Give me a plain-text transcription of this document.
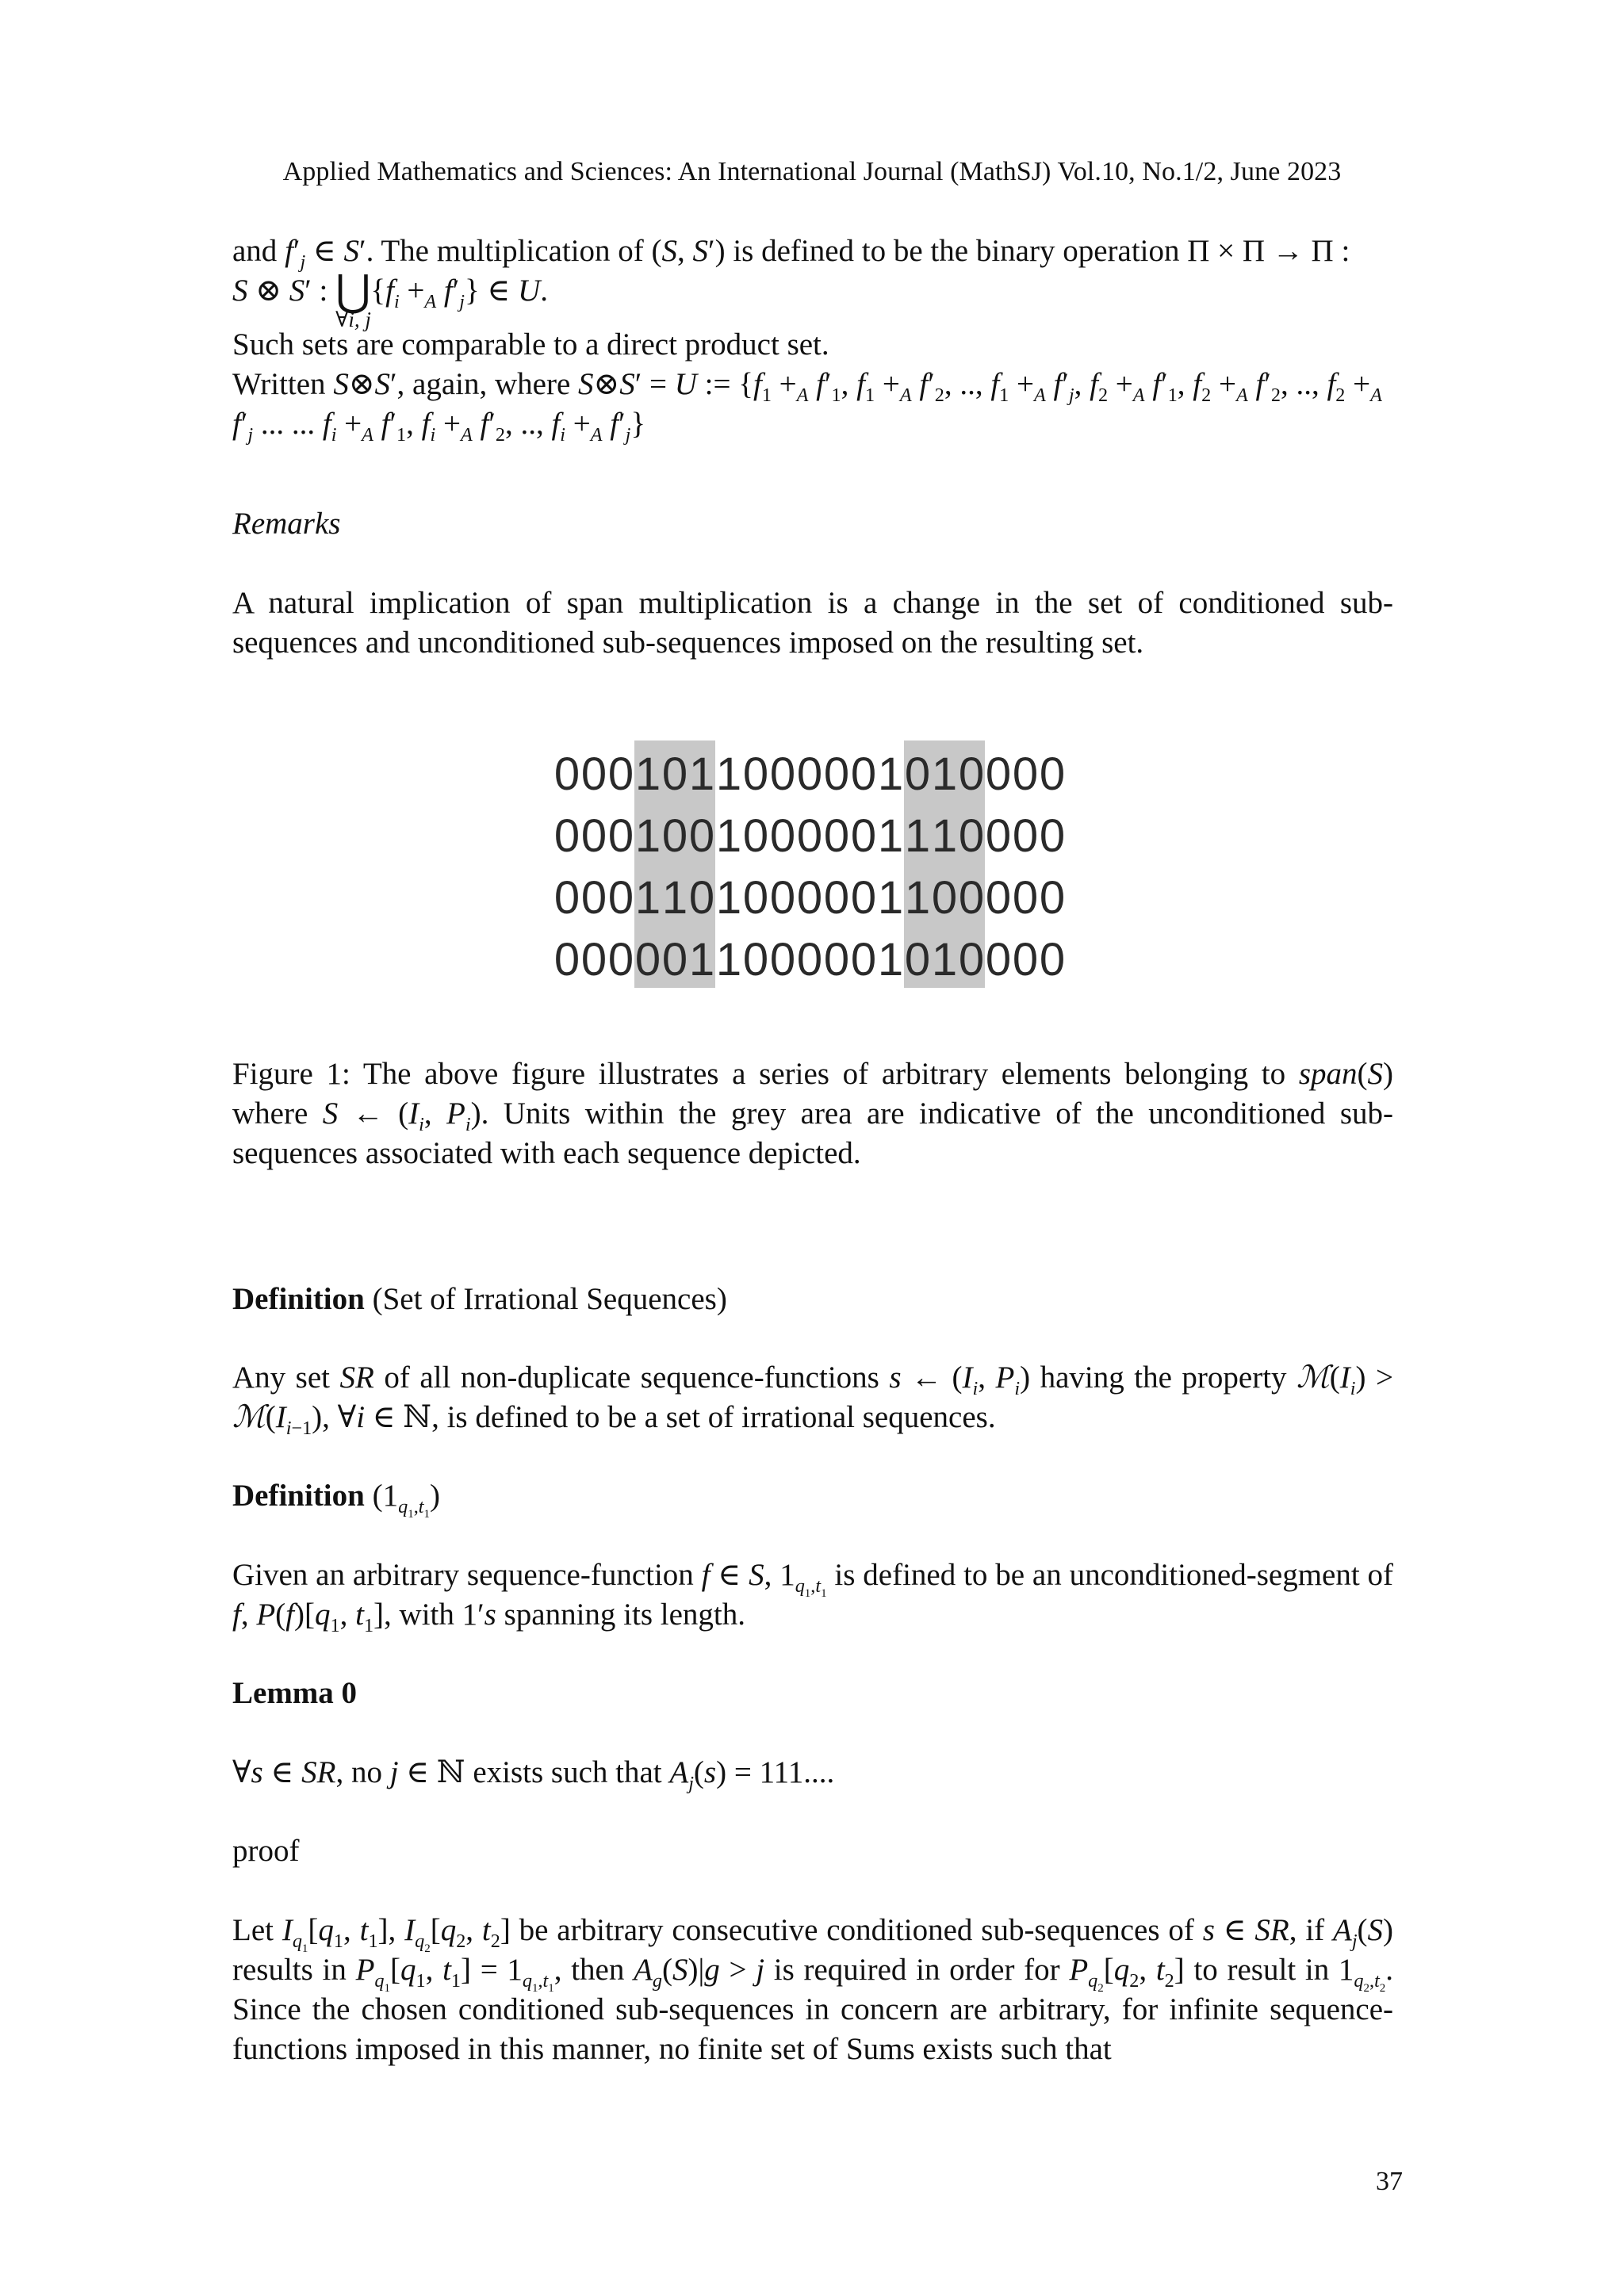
Applied Mathematics and Sciences: An International Journal (MathSJ) Vol.10, No.1/2, June 2023
and $f'_j$ ∈ S′. The multiplication of (S, S′) is defined to be the binary operation Π × Π → Π :
S ⊗ S′ : ⋃
∀i, j
{$f_i +_A$ $f'_j$} ∈ U.

Such sets are comparable to a direct product set.
Written S⊗S′, again, where S⊗S′ = U := {$f_1 +_A$ $f'_1$, $f_1 +_A$ $f'_2$, .., $f_1 +_A$ $f'_j$, $f_2 +_A$ $f'_1$, $f_2 +_A$ $f'_2$, .., $f_2 +_A$
$f'_j$ ... ... $f_i +_A$ $f'_1$, $f_i +_A$ $f'_2$, .., $f_i +_A$ $f'_j$}
Remarks
A natural implication of span multiplication is a change in the set of conditioned sub-sequences and unconditioned sub-sequences imposed on the resulting set.
0 0 0 1 0 1 1 0 0 0 0 0 1 0 1 0 0 0 0
0 0 0 1 0 0 1 0 0 0 0 0 1 1 1 0 0 0 0
0 0 0 1 1 0 1 0 0 0 0 0 1 1 0 0 0 0 0
0 0 0 0 0 1 1 0 0 0 0 0 1 0 1 0 0 0 0
Figure 1: The above figure illustrates a series of arbitrary elements belonging to span(S) where S ← ($I_i$, $P_i$). Units within the grey area are indicative of the unconditioned sub-sequences associated with each sequence depicted.
Definition (Set of Irrational Sequences)
Any set SR of all non-duplicate sequence-functions s ← ($I_i$, $P_i$) having the property $ℳ(I_i)$ > $ℳ(I_{i-1})$, ∀i ∈ ℕ, is defined to be a set of irrational sequences.
Definition $(1_{q_1,t_1})$
Given an arbitrary sequence-function f ∈ S, $1_{q_1,t_1}$ is defined to be an unconditioned-segment of f, $P(f)[q_1$, $t_1$], with 1′s spanning its length.
Lemma 0
∀s ∈ SR, no j ∈ ℕ exists such that $A_j(s) = 111$....
proof
Let $I_{q_1}[q_1$, $t_1$], $I_{q_2}[q_2$, $t_2$] be arbitrary consecutive conditioned sub-sequences of s ∈ SR, if $A_j(S)$ results in $P_{q_1}[q_1$, $t_1] = 1_{q_1,t_1}$, then $A_g(S)|g > j$ is required in order for $P_{q_2}[q_2$, $t_2$] to result in $1_{q_2,t_2}$. Since the chosen conditioned sub-sequences in concern are arbitrary, for infinite sequence-functions imposed in this manner, no finite set of Sums exists such that
37
